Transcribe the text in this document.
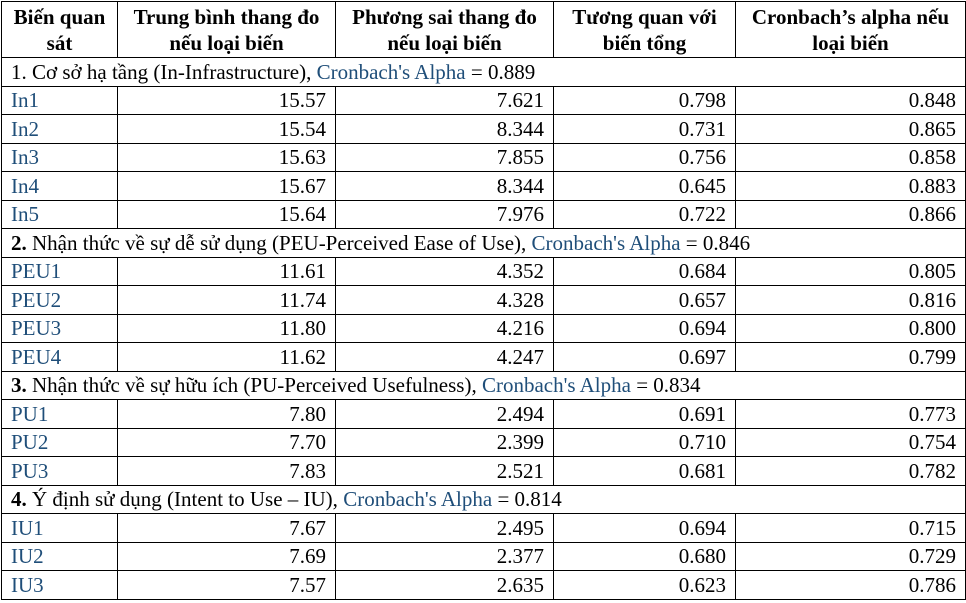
Biến quan sát	Trung bình thang đo nếu loại biến	Phương sai thang đo nếu loại biến	Tương quan với biến tổng	Cronbach’s alpha nếu loại biến
1. Cơ sở hạ tầng (In-Infrastructure), Cronbach's Alpha = 0.889				
In1	15.57	7.621	0.798	0.848
In2	15.54	8.344	0.731	0.865
In3	15.63	7.855	0.756	0.858
In4	15.67	8.344	0.645	0.883
In5	15.64	7.976	0.722	0.866
2. Nhận thức về sự dễ sử dụng (PEU-Perceived Ease of Use), Cronbach's Alpha = 0.846				
PEU1	11.61	4.352	0.684	0.805
PEU2	11.74	4.328	0.657	0.816
PEU3	11.80	4.216	0.694	0.800
PEU4	11.62	4.247	0.697	0.799
3. Nhận thức về sự hữu ích (PU-Perceived Usefulness), Cronbach's Alpha = 0.834				
PU1	7.80	2.494	0.691	0.773
PU2	7.70	2.399	0.710	0.754
PU3	7.83	2.521	0.681	0.782
4. Ý định sử dụng (Intent to Use – IU), Cronbach's Alpha = 0.814				
IU1	7.67	2.495	0.694	0.715
IU2	7.69	2.377	0.680	0.729
IU3	7.57	2.635	0.623	0.786
